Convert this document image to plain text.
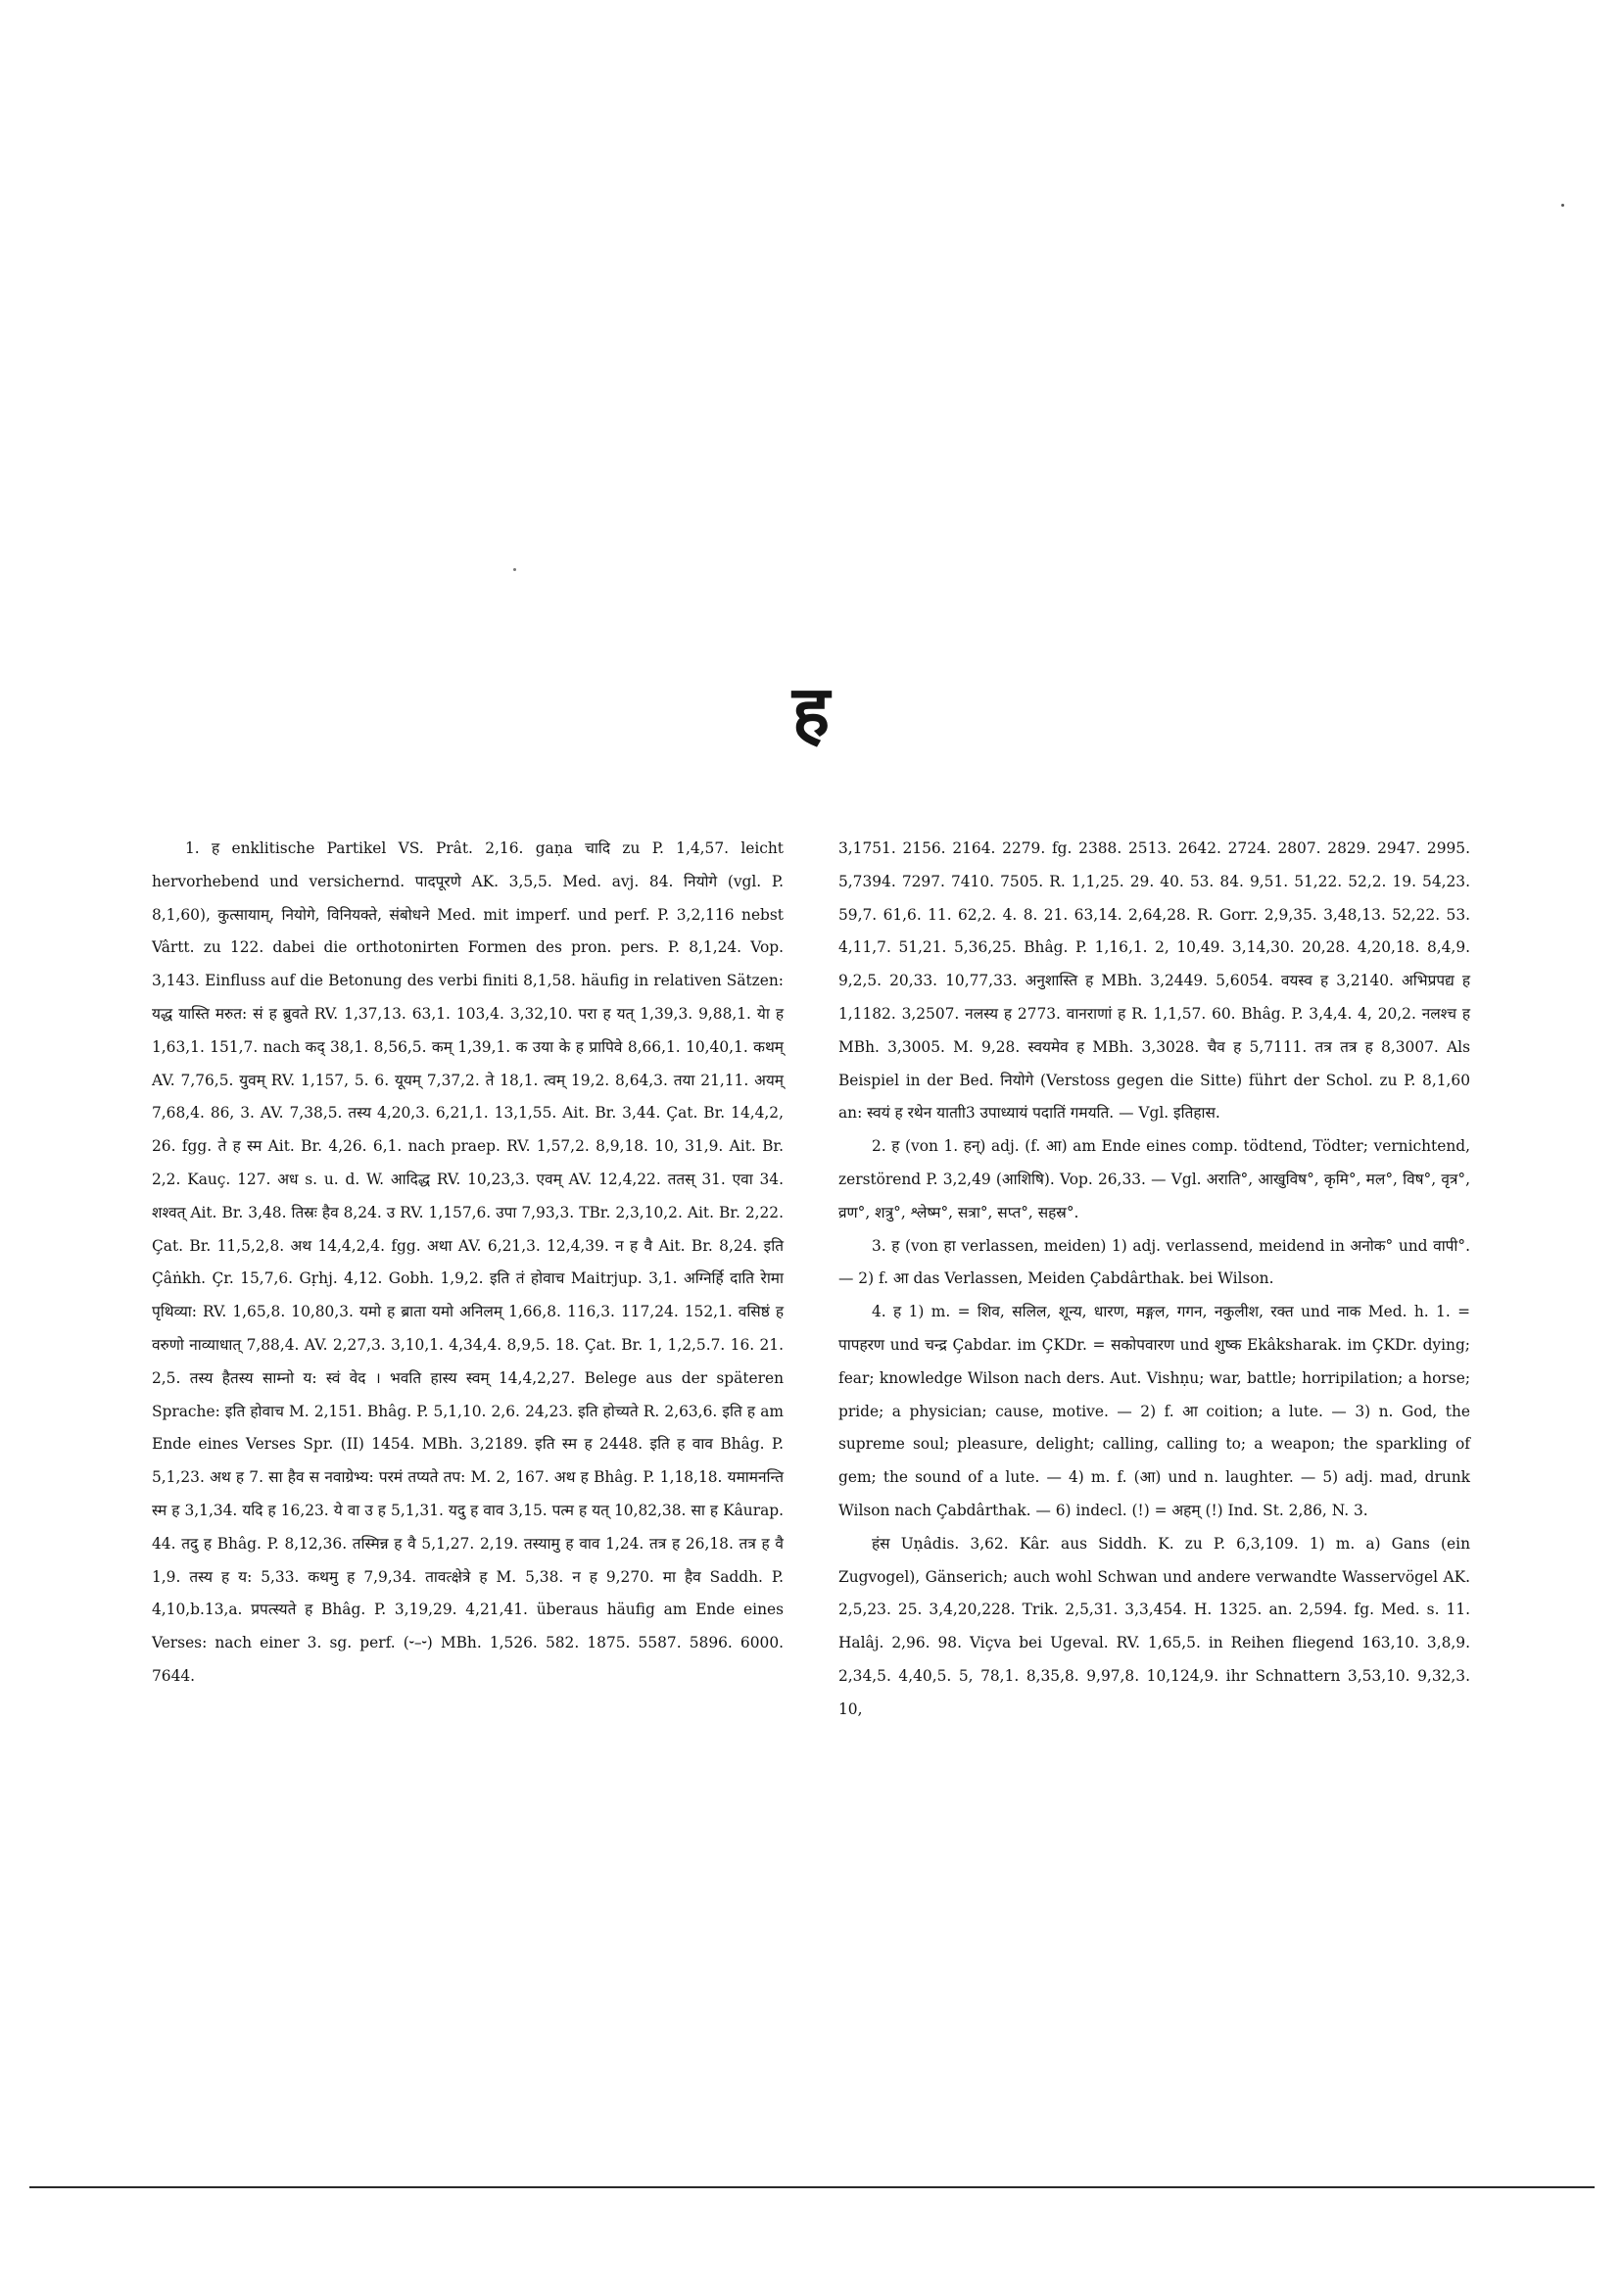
ह

1. ह enklitische Partikel VS. Prât. 2,16. gaṇa चादि zu P. 1,4,57. leicht hervorhebend und versichernd. पादपूरणे AK. 3,5,5. Med. avj. 84. नियोगे (vgl. P. 8,1,60), कुत्सायाम्, नियोगे, विनियक्ते, संबोधने Med. mit imperf. und perf. P. 3,2,116 nebst Vârtt. zu 122. dabei die orthotonirten Formen des pron. pers. P. 8,1,24. Vop. 3,143. Einfluss auf die Betonung des verbi finiti 8,1,58. häufig in relativen Sätzen: यद्ध यास्ति मरुत: सं ह ब्रुवते RV. 1,37,13. 63,1. 103,4. 3,32,10. परा ह यत् 1,39,3. 9,88,1. येा ह 1,63,1. 151,7. nach कद् 38,1. 8,56,5. कम् 1,39,1. क उया के ह प्रापिवे 8,66,1. 10,40,1. कथम् AV. 7,76,5. युवम् RV. 1,157, 5. 6. यूयम् 7,37,2. ते 18,1. त्वम् 19,2. 8,64,3. तया 21,11. अयम् 7,68,4. 86, 3. AV. 7,38,5. तस्य 4,20,3. 6,21,1. 13,1,55. Ait. Br. 3,44. Çat. Br. 14,4,2, 26. fgg. ते ह स्म Ait. Br. 4,26. 6,1. nach praep. RV. 1,57,2. 8,9,18. 10, 31,9. Ait. Br. 2,2. Kauç. 127. अध s. u. d. W. आदिद्ध RV. 10,23,3. एवम् AV. 12,4,22. ततस् 31. एवा 34. शश्वत् Ait. Br. 3,48. तिस्रः हैव 8,24. उ RV. 1,157,6. उपा 7,93,3. TBr. 2,3,10,2. Ait. Br. 2,22. Çat. Br. 11,5,2,8. अथ 14,4,2,4. fgg. अथा AV. 6,21,3. 12,4,39. न ह वै Ait. Br. 8,24. इति Çâṅkh. Çr. 15,7,6. Gṛhj. 4,12. Gobh. 1,9,2. इति तं होवाच Maitrjup. 3,1. अग्निर्हि दाति रेामा पृथिव्या: RV. 1,65,8. 10,80,3. यमो ह ब्राता यमो अनिलम् 1,66,8. 116,3. 117,24. 152,1. वसिष्ठं ह वरुणो नाव्याधात् 7,88,4. AV. 2,27,3. 3,10,1. 4,34,4. 8,9,5. 18. Çat. Br. 1, 1,2,5.7. 16. 21. 2,5. तस्य हैतस्य साम्नो य: स्वं वेद । भवति हास्य स्वम् 14,4,2,27. Belege aus der späteren Sprache: इति होवाच M. 2,151. Bhâg. P. 5,1,10. 2,6. 24,23. इति होच्यते R. 2,63,6. इति ह am Ende eines Verses Spr. (II) 1454. MBh. 3,2189. इति स्म ह 2448. इति ह वाव Bhâg. P. 5,1,23. अथ ह 7. सा हैव स नवाग्रेभ्य: परमं तप्यते तप: M. 2, 167. अथ ह Bhâg. P. 1,18,18. यमामनन्ति स्म ह 3,1,34. यदि ह 16,23. ये वा उ ह 5,1,31. यदु ह वाव 3,15. पत्म ह यत् 10,82,38. सा ह Kâurap. 44. तदु ह Bhâg. P. 8,12,36. तस्मिन्न ह वै 5,1,27. 2,19. तस्यामु ह वाव 1,24. तत्र ह 26,18. तत्र ह वै 1,9. तस्य ह य: 5,33. कथमु ह 7,9,34. तावत्क्षेत्रे ह M. 5,38. न ह 9,270. मा हैव Saddh. P. 4,10,b.13,a. प्रपत्स्यते ह Bhâg. P. 3,19,29. 4,21,41. überaus häufig am Ende eines Verses: nach einer 3. sg. perf. (⏑–⏑) MBh. 1,526. 582. 1875. 5587. 5896. 6000. 7644.

3,1751. 2156. 2164. 2279. fg. 2388. 2513. 2642. 2724. 2807. 2829. 2947. 2995. 5,7394. 7297. 7410. 7505. R. 1,1,25. 29. 40. 53. 84. 9,51. 51,22. 52,2. 19. 54,23. 59,7. 61,6. 11. 62,2. 4. 8. 21. 63,14. 2,64,28. R. Gorr. 2,9,35. 3,48,13. 52,22. 53. 4,11,7. 51,21. 5,36,25. Bhâg. P. 1,16,1. 2, 10,49. 3,14,30. 20,28. 4,20,18. 8,4,9. 9,2,5. 20,33. 10,77,33. अनुशास्ति ह MBh. 3,2449. 5,6054. वयस्व ह 3,2140. अभिप्रपद्य ह 1,1182. 3,2507. नलस्य ह 2773. वानराणां ह R. 1,1,57. 60. Bhâg. P. 3,4,4. 4, 20,2. नलश्च ह MBh. 3,3005. M. 9,28. स्वयमेव ह MBh. 3,3028. चैव ह 5,7111. तत्र तत्र ह 8,3007. Als Beispiel in der Bed. नियोगे (Verstoss gegen die Sitte) führt der Schol. zu P. 8,1,60 an: स्वयं ह रथेन याताी3 उपाध्यायं पदातिं गमयति. — Vgl. इतिहास.

2. ह (von 1. हन्) adj. (f. आ) am Ende eines comp. tödtend, Tödter; vernichtend, zerstörend P. 3,2,49 (आशिषि). Vop. 26,33. — Vgl. अराति°, आखुविष°, कृमि°, मल°, विष°, वृत्र°, व्रण°, शत्रु°, श्लेष्म°, सत्रा°, सप्त°, सहस्र°.

3. ह (von हा verlassen, meiden) 1) adj. verlassend, meidend in अनोक° und वापी°. — 2) f. आ das Verlassen, Meiden Çabdârthak. bei Wilson.

4. ह 1) m. = शिव, सलिल, शून्य, धारण, मङ्गल, गगन, नकुलीश, रक्त und नाक Med. h. 1. = पापहरण und चन्द्र Çabdar. im ÇKDr. = सकोपवारण und शुष्क Ekâksharak. im ÇKDr. dying; fear; knowledge Wilson nach ders. Aut. Vishṇu; war, battle; horripilation; a horse; pride; a physician; cause, motive. — 2) f. आ coition; a lute. — 3) n. God, the supreme soul; pleasure, delight; calling, calling to; a weapon; the sparkling of gem; the sound of a lute. — 4) m. f. (आ) und n. laughter. — 5) adj. mad, drunk Wilson nach Çabdârthak. — 6) indecl. (!) = अहम् (!) Ind. St. 2,86, N. 3.

हंस Uṇâdis. 3,62. Kâr. aus Siddh. K. zu P. 6,3,109. 1) m. a) Gans (ein Zugvogel), Gänserich; auch wohl Schwan und andere verwandte Wasservögel AK. 2,5,23. 25. 3,4,20,228. Trik. 2,5,31. 3,3,454. H. 1325. an. 2,594. fg. Med. s. 11. Halâj. 2,96. 98. Viçva bei Ugeval. RV. 1,65,5. in Reihen fliegend 163,10. 3,8,9. 2,34,5. 4,40,5. 5, 78,1. 8,35,8. 9,97,8. 10,124,9. ihr Schnattern 3,53,10. 9,32,3. 10,
